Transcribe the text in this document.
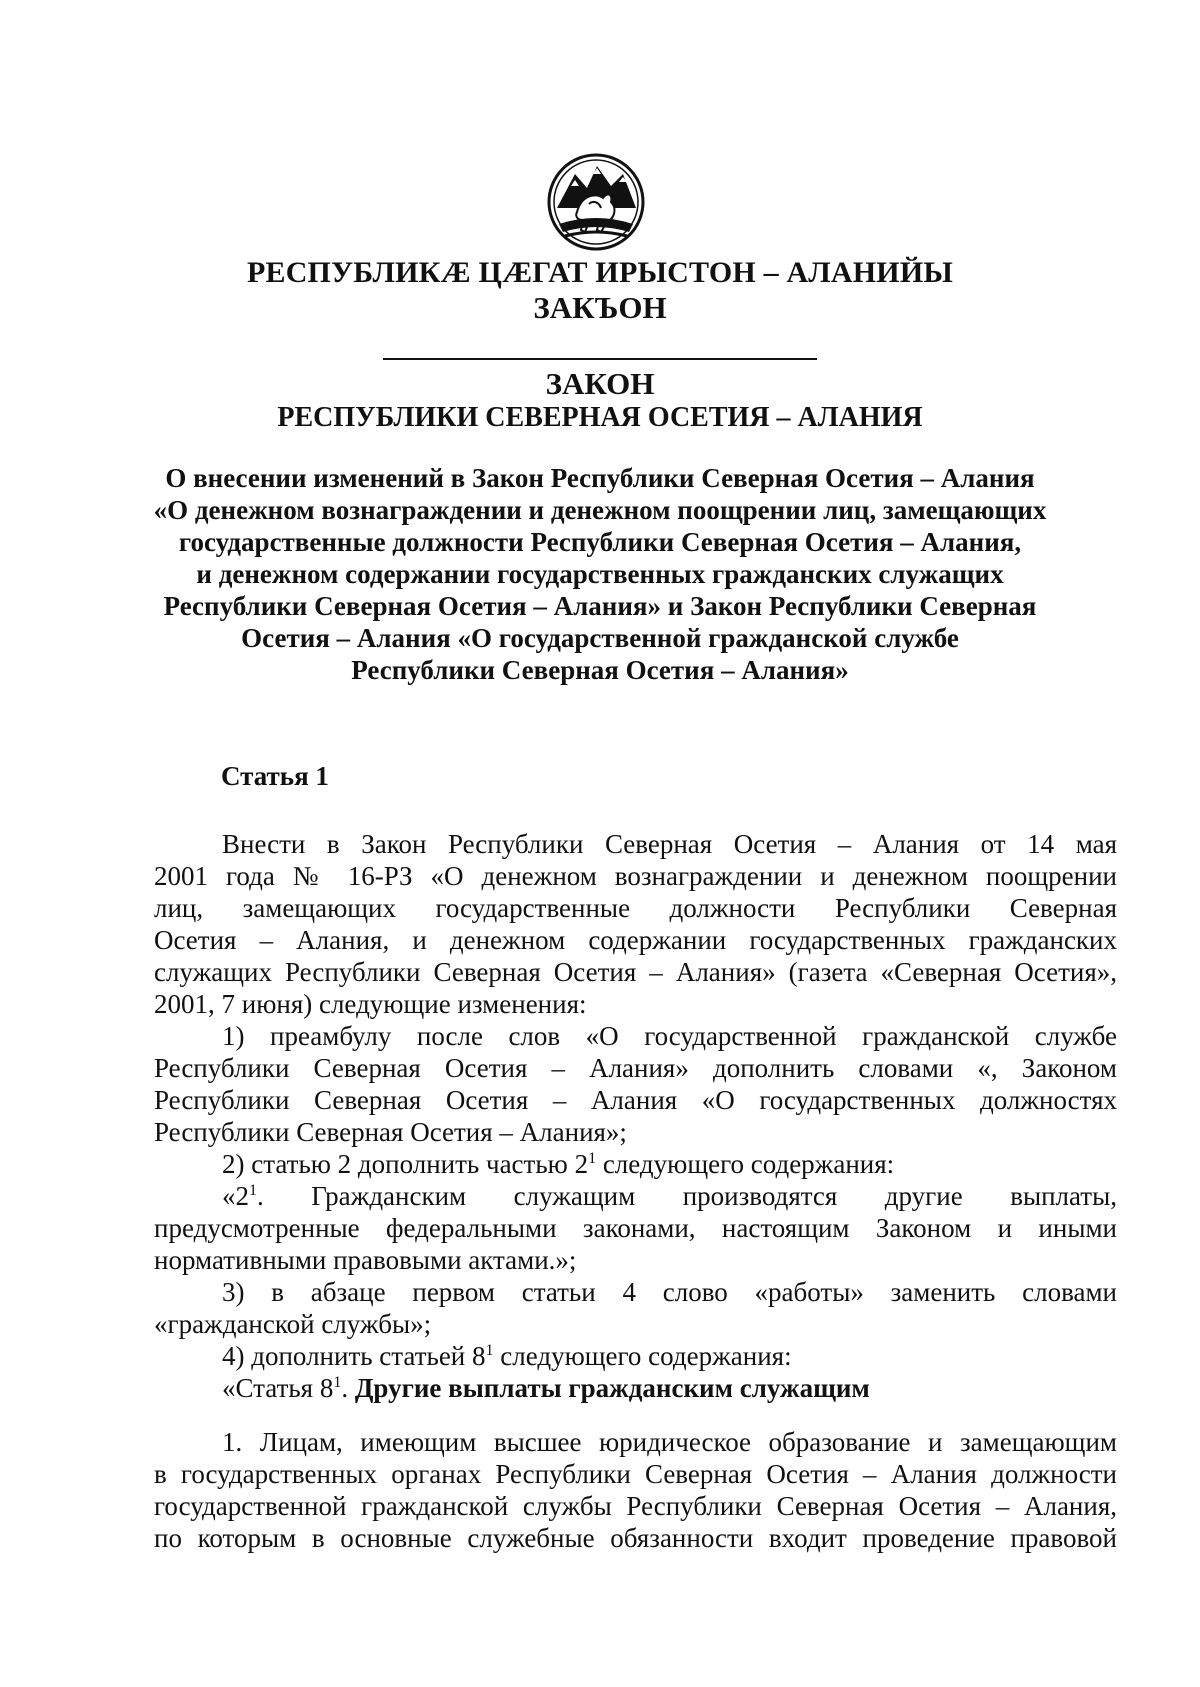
РЕСПУБЛИКӔ ЦӔГАТ ИРЫСТОН – АЛАНИЙЫ

ЗАКЪОН

ЗАКОН

РЕСПУБЛИКИ СЕВЕРНАЯ ОСЕТИЯ – АЛАНИЯ

О внесении изменений в Закон Республики Северная Осетия – Алания
«О денежном вознаграждении и денежном поощрении лиц, замещающих
государственные должности Республики Северная Осетия – Алания,
и денежном содержании государственных гражданских служащих
Республики Северная Осетия – Алания» и Закон Республики Северная
Осетия – Алания «О государственной гражданской службе
Республики Северная Осетия – Алания»

Статья 1

Внести в Закон Республики Северная Осетия – Алания от 14 мая
2001 года № 16-РЗ «О денежном вознаграждении и денежном поощрении
лиц, замещающих государственные должности Республики Северная
Осетия – Алания, и денежном содержании государственных гражданских
служащих Республики Северная Осетия – Алания» (газета «Северная Осетия»,
2001, 7 июня) следующие изменения:
1) преамбулу после слов «О государственной гражданской службе
Республики Северная Осетия – Алания» дополнить словами «, Законом
Республики Северная Осетия – Алания «О государственных должностях
Республики Северная Осетия – Алания»;
2) статью 2 дополнить частью $2^1$ следующего содержания:
«$2^1$. Гражданским служащим производятся другие выплаты,
предусмотренные федеральными законами, настоящим Законом и иными
нормативными правовыми актами.»;
3) в абзаце первом статьи 4 слово «работы» заменить словами
«гражданской службы»;
4) дополнить статьей $8^1$ следующего содержания:
«Статья $8^1$. Другие выплаты гражданским служащим
1. Лицам, имеющим высшее юридическое образование и замещающим
в государственных органах Республики Северная Осетия – Алания должности
государственной гражданской службы Республики Северная Осетия – Алания,
по которым в основные служебные обязанности входит проведение правовой
